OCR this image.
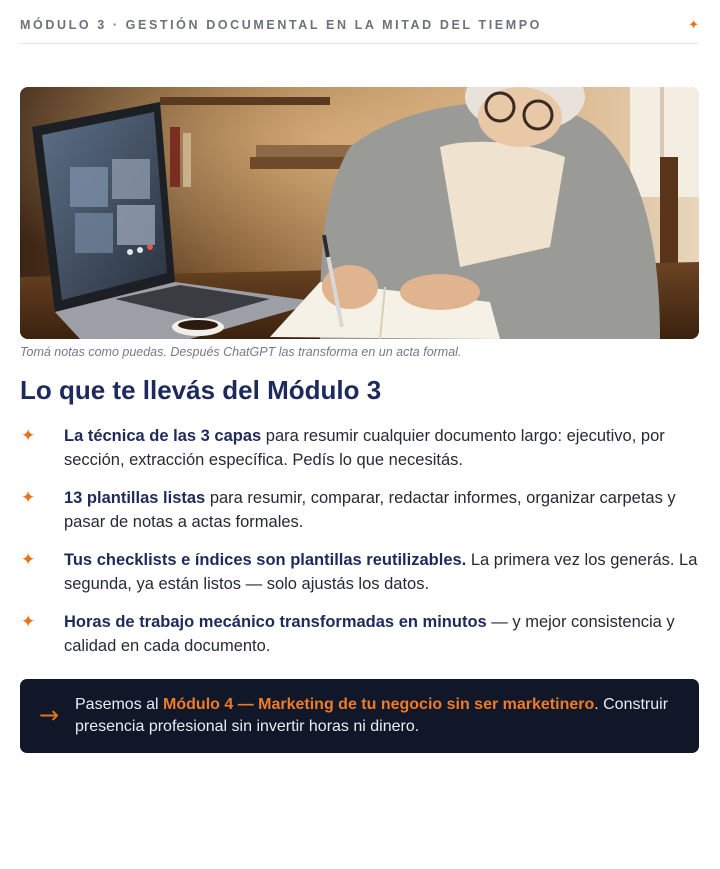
MÓDULO 3 · GESTIÓN DOCUMENTAL EN LA MITAD DEL TIEMPO	✦
Tomá notas como puedas. Después ChatGPT las transforma en un acta formal.
Lo que te llevás del Módulo 3
✦ La técnica de las 3 capas para resumir cualquier documento largo: ejecutivo, por sección, extracción específica. Pedís lo que necesitás.
✦ 13 plantillas listas para resumir, comparar, redactar informes, organizar carpetas y pasar de notas a actas formales.
✦ Tus checklists e índices son plantillas reutilizables. La primera vez los generás. La segunda, ya están listos — solo ajustás los datos.
✦ Horas de trabajo mecánico transformadas en minutos — y mejor consistencia y calidad en cada documento.
→ Pasemos al Módulo 4 — Marketing de tu negocio sin ser marketinero. Construir presencia profesional sin invertir horas ni dinero.
